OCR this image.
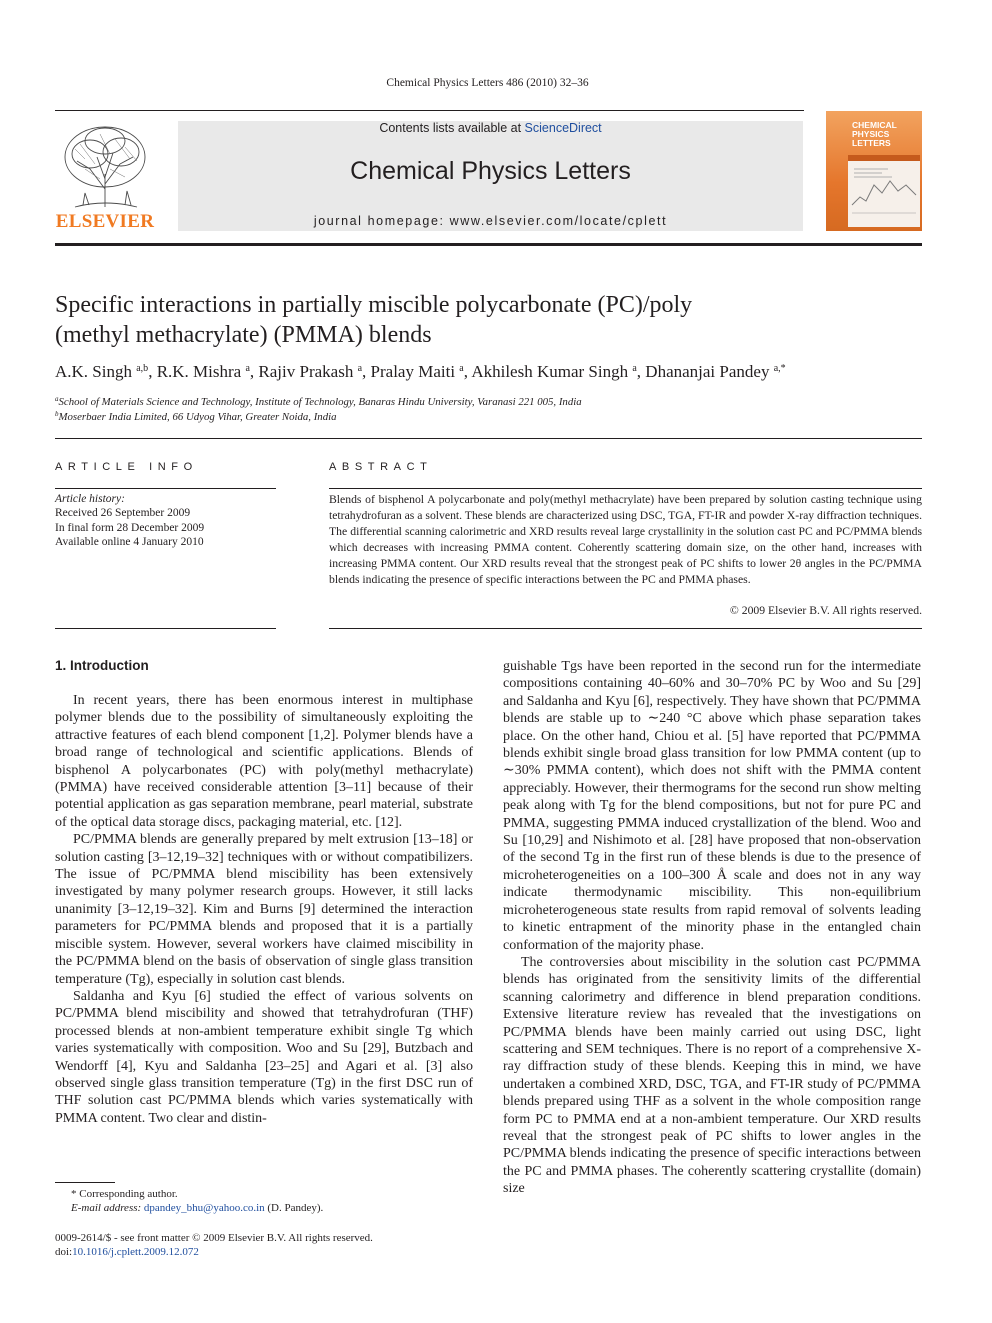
Chemical Physics Letters 486 (2010) 32–36
ELSEVIER
Contents lists available at ScienceDirect
Chemical Physics Letters
journal homepage: www.elsevier.com/locate/cplett
CHEMICAL
PHYSICS
LETTERS
Specific interactions in partially miscible polycarbonate (PC)/poly
(methyl methacrylate) (PMMA) blends
A.K. Singh $^{a,b}$, R.K. Mishra $^a$, Rajiv Prakash $^a$, Pralay Maiti $^a$, Akhilesh Kumar Singh $^a$, Dhananjai Pandey $^{a,*}$
$^a$School of Materials Science and Technology, Institute of Technology, Banaras Hindu University, Varanasi 221 005, India
$^b$Moserbaer India Limited, 66 Udyog Vihar, Greater Noida, India
ARTICLE INFO	ABSTRACT
Article history:
Received 26 September 2009
In final form 28 December 2009
Available online 4 January 2010
Blends of bisphenol A polycarbonate and poly(methyl methacrylate) have been prepared by solution casting technique using tetrahydrofuran as a solvent. These blends are characterized using DSC, TGA, FT-IR and powder X-ray diffraction techniques. The differential scanning calorimetric and XRD results reveal large crystallinity in the solution cast PC and PC/PMMA blends which decreases with increasing PMMA content. Coherently scattering domain size, on the other hand, increases with increasing PMMA content. Our XRD results reveal that the strongest peak of PC shifts to lower 2θ angles in the PC/PMMA blends indicating the presence of specific interactions between the PC and PMMA phases.
© 2009 Elsevier B.V. All rights reserved.
1. Introduction

In recent years, there has been enormous interest in multiphase polymer blends due to the possibility of simultaneously exploiting the attractive features of each blend component [1,2]. Polymer blends have a broad range of technological and scientific applications. Blends of bisphenol A polycarbonates (PC) with poly(methyl methacrylate) (PMMA) have received considerable attention [3–11] because of their potential application as gas separation membrane, pearl material, substrate of the optical data storage discs, packaging material, etc. [12].

PC/PMMA blends are generally prepared by melt extrusion [13–18] or solution casting [3–12,19–32] techniques with or without compatibilizers. The issue of PC/PMMA blend miscibility has been extensively investigated by many polymer research groups. However, it still lacks unanimity [3–12,19–32]. Kim and Burns [9] determined the interaction parameters for PC/PMMA blends and proposed that it is a partially miscible system. However, several workers have claimed miscibility in the PC/PMMA blend on the basis of observation of single glass transition temperature (Tg), especially in solution cast blends.

Saldanha and Kyu [6] studied the effect of various solvents on PC/PMMA blend miscibility and showed that tetrahydrofuran (THF) processed blends at non-ambient temperature exhibit single Tg which varies systematically with composition. Woo and Su [29], Butzbach and Wendorff [4], Kyu and Saldanha [23–25] and Agari et al. [3] also observed single glass transition temperature (Tg) in the first DSC run of THF solution cast PC/PMMA blends which varies systematically with PMMA content. Two clear and distin-

guishable Tgs have been reported in the second run for the intermediate compositions containing 40–60% and 30–70% PC by Woo and Su [29] and Saldanha and Kyu [6], respectively. They have shown that PC/PMMA blends are stable up to ∼240 °C above which phase separation takes place. On the other hand, Chiou et al. [5] have reported that PC/PMMA blends exhibit single broad glass transition for low PMMA content (up to ∼30% PMMA content), which does not shift with the PMMA content appreciably. However, their thermograms for the second run show melting peak along with Tg for the blend compositions, but not for pure PC and PMMA, suggesting PMMA induced crystallization of the blend. Woo and Su [10,29] and Nishimoto et al. [28] have proposed that non-observation of the second Tg in the first run of these blends is due to the presence of microheterogeneities on a 100–300 Å scale and does not in any way indicate thermodynamic miscibility. This non-equilibrium microheterogeneous state results from rapid removal of solvents leading to kinetic entrapment of the minority phase in the entangled chain conformation of the majority phase.

The controversies about miscibility in the solution cast PC/PMMA blends has originated from the sensitivity limits of the differential scanning calorimetry and difference in blend preparation conditions. Extensive literature review has revealed that the investigations on PC/PMMA blends have been mainly carried out using DSC, light scattering and SEM techniques. There is no report of a comprehensive X-ray diffraction study of these blends. Keeping this in mind, we have undertaken a combined XRD, DSC, TGA, and FT-IR study of PC/PMMA blends prepared using THF as a solvent in the whole composition range form PC to PMMA end at a non-ambient temperature. Our XRD results reveal that the strongest peak of PC shifts to lower angles in the PC/PMMA blends indicating the presence of specific interactions between the PC and PMMA phases. The coherently scattering crystallite (domain) size

* Corresponding author.
E-mail address: dpandey_bhu@yahoo.co.in (D. Pandey).
0009-2614/$ - see front matter © 2009 Elsevier B.V. All rights reserved.
doi:10.1016/j.cplett.2009.12.072
